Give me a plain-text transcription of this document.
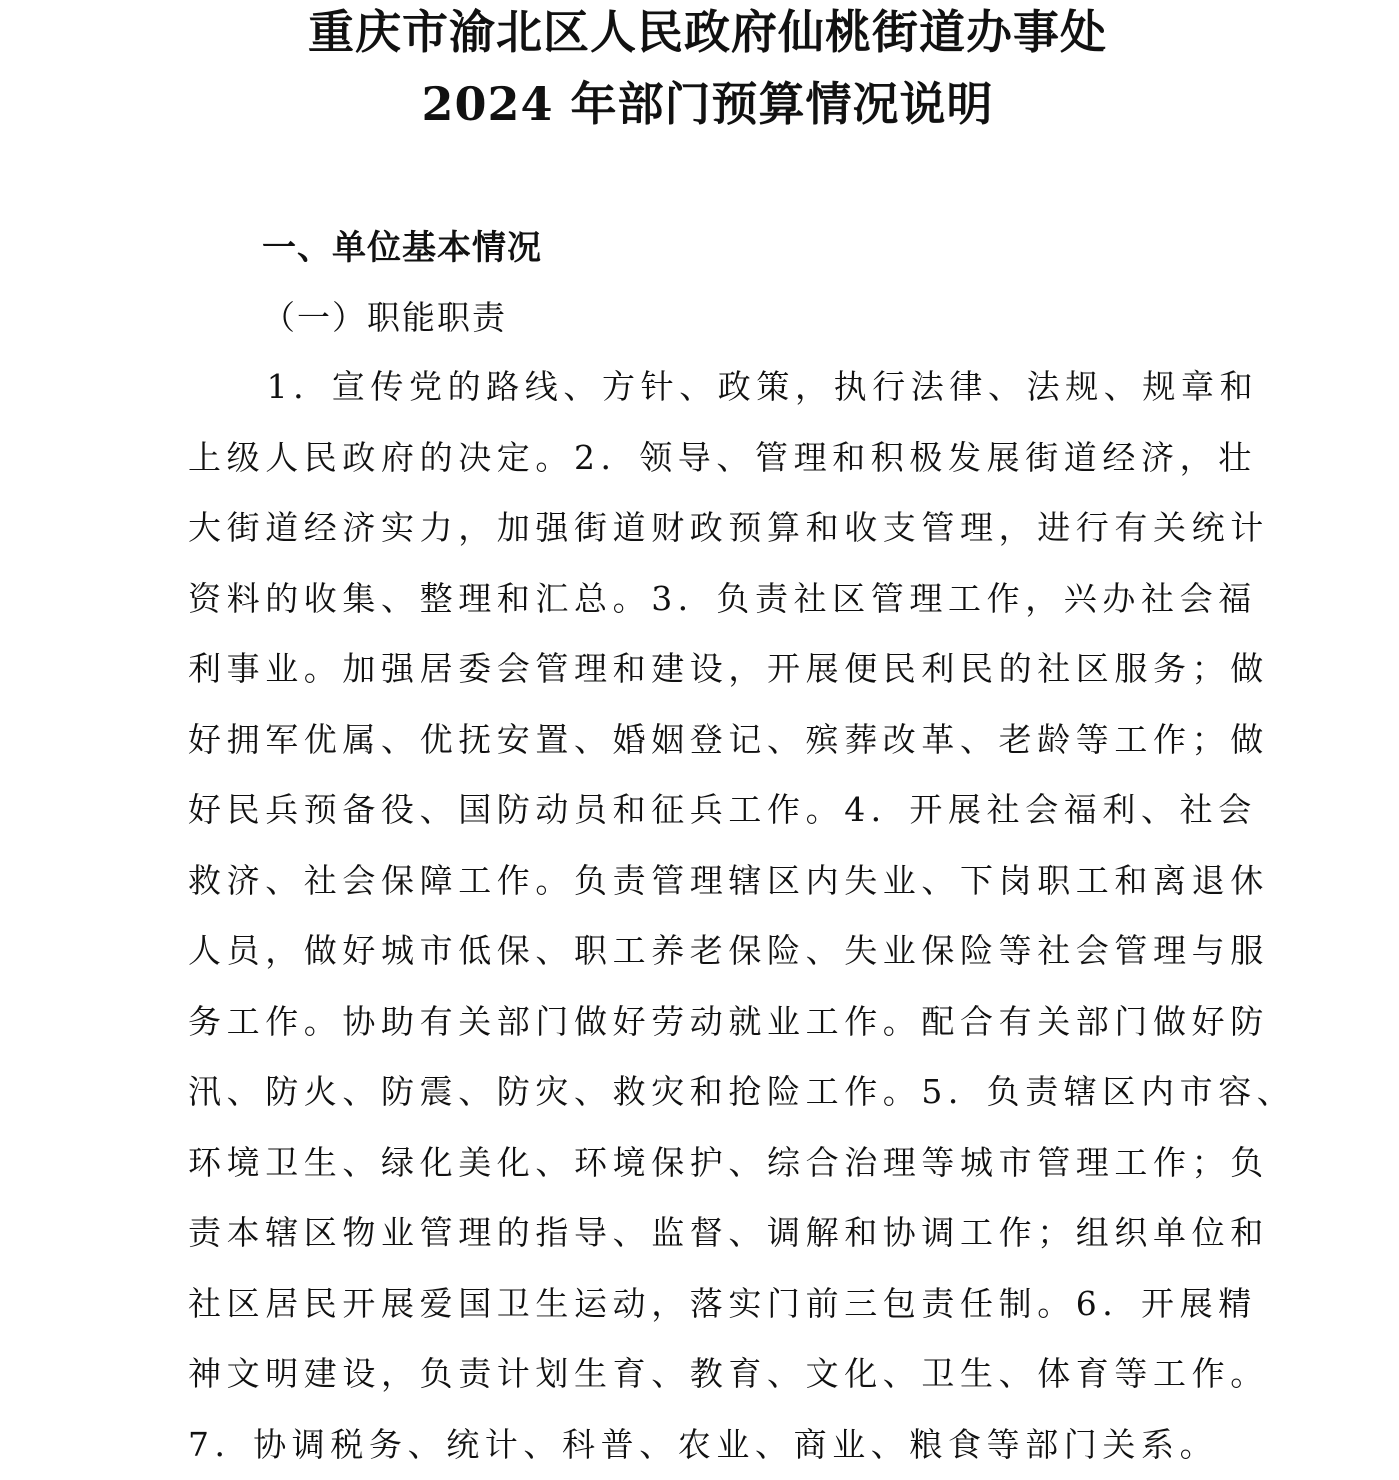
重庆市渝北区人民政府仙桃街道办事处
2024 年部门预算情况说明
一、单位基本情况
（一）职能职责
　1．宣传党的路线、方针、政策，执行法律、法规、规章和
上级人民政府的决定。2．领导、管理和积极发展街道经济，壮
大街道经济实力，加强街道财政预算和收支管理，进行有关统计
资料的收集、整理和汇总。3．负责社区管理工作，兴办社会福
利事业。加强居委会管理和建设，开展便民利民的社区服务；做
好拥军优属、优抚安置、婚姻登记、殡葬改革、老龄等工作；做
好民兵预备役、国防动员和征兵工作。4．开展社会福利、社会
救济、社会保障工作。负责管理辖区内失业、下岗职工和离退休
人员，做好城市低保、职工养老保险、失业保险等社会管理与服
务工作。协助有关部门做好劳动就业工作。配合有关部门做好防
汛、防火、防震、防灾、救灾和抢险工作。5．负责辖区内市容、
环境卫生、绿化美化、环境保护、综合治理等城市管理工作；负
责本辖区物业管理的指导、监督、调解和协调工作；组织单位和
社区居民开展爱国卫生运动，落实门前三包责任制。6．开展精
神文明建设，负责计划生育、教育、文化、卫生、体育等工作。
7．协调税务、统计、科普、农业、商业、粮食等部门关系。
